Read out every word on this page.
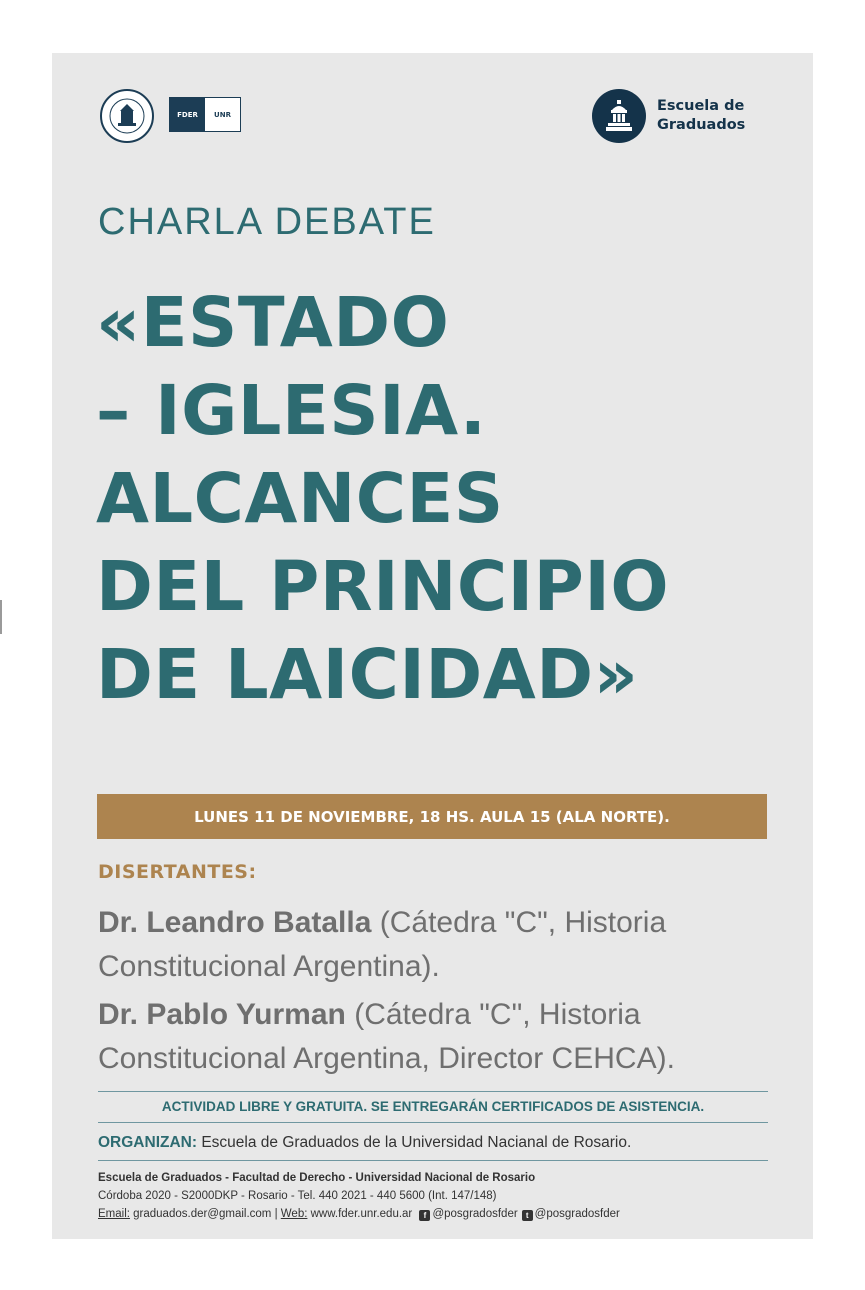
FDER	UNR
Escuela de
Graduados
CHARLA DEBATE
«ESTADO
– IGLESIA.
ALCANCES
DEL PRINCIPIO
DE LAICIDAD»
LUNES 11 DE NOVIEMBRE, 18 HS. AULA 15 (ALA NORTE).
DISERTANTES:
Dr. Leandro Batalla (Cátedra "C", Historia Constitucional Argentina).
Dr. Pablo Yurman (Cátedra "C", Historia Constitucional Argentina, Director CEHCA).
ACTIVIDAD LIBRE Y GRATUITA. SE ENTREGARÁN CERTIFICADOS DE ASISTENCIA.
ORGANIZAN: Escuela de Graduados de la Universidad Nacianal de Rosario.
Escuela de Graduados - Facultad de Derecho - Universidad Nacional de Rosario
Córdoba 2020 - S2000DKP - Rosario - Tel. 440 2021 - 440 5600 (Int. 147/148)
Email: graduados.der@gmail.com | Web: www.fder.unr.edu.ar f @posgradosfder t @posgradosfder
